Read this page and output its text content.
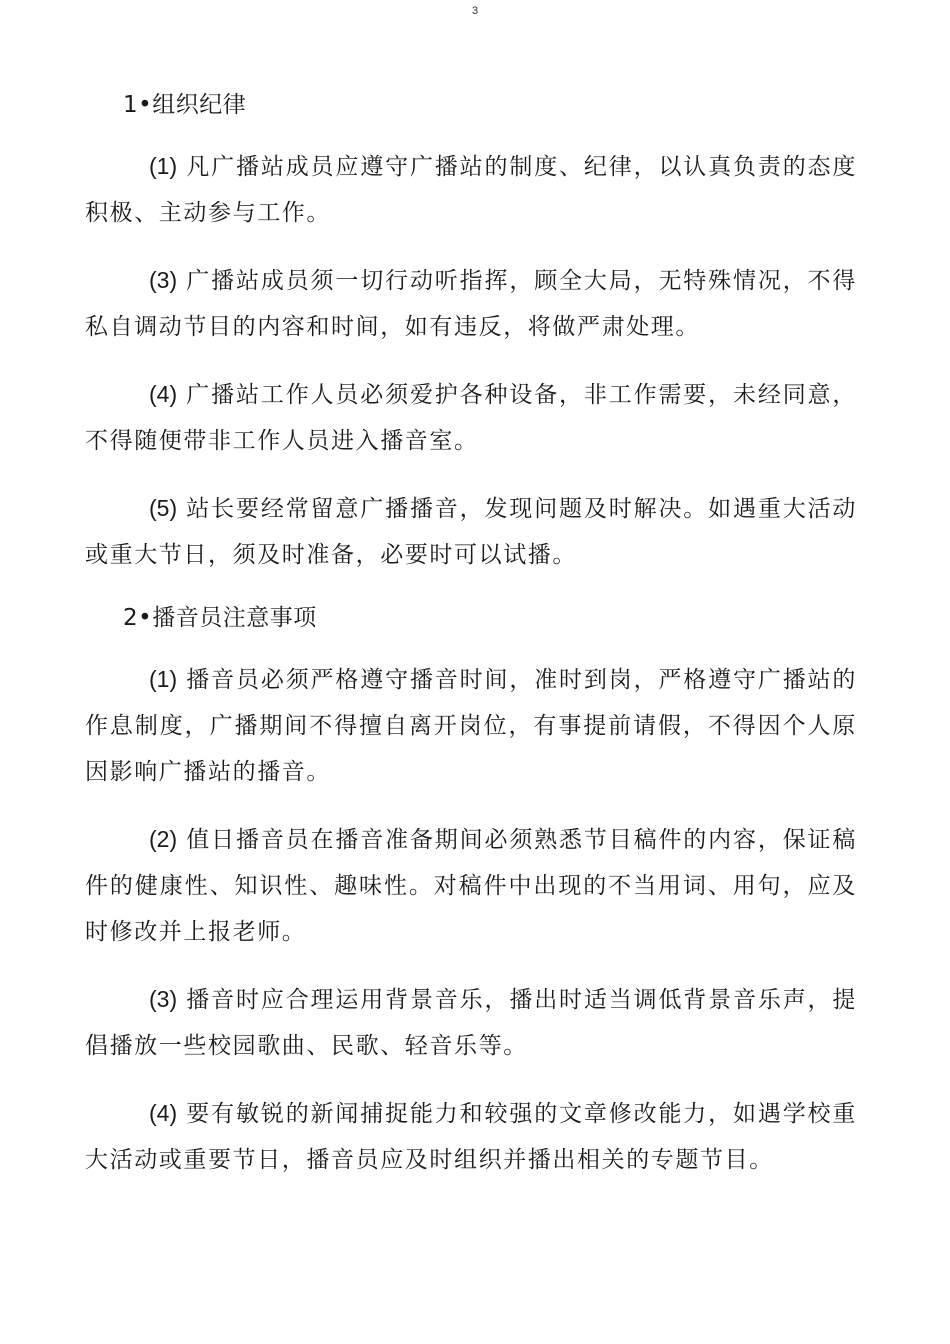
3
1•组织纪律

(1) 凡广播站成员应遵守广播站的制度、纪律，以认真负责的态度积极、主动参与工作。

(3) 广播站成员须一切行动听指挥，顾全大局，无特殊情况，不得私自调动节目的内容和时间，如有违反，将做严肃处理。

(4) 广播站工作人员必须爱护各种设备，非工作需要，未经同意，不得随便带非工作人员进入播音室。

(5) 站长要经常留意广播播音，发现问题及时解决。如遇重大活动或重大节日，须及时准备，必要时可以试播。

2•播音员注意事项

(1) 播音员必须严格遵守播音时间，准时到岗，严格遵守广播站的作息制度，广播期间不得擅自离开岗位，有事提前请假，不得因个人原因影响广播站的播音。

(2) 值日播音员在播音准备期间必须熟悉节目稿件的内容，保证稿件的健康性、知识性、趣味性。对稿件中出现的不当用词、用句，应及时修改并上报老师。

(3) 播音时应合理运用背景音乐，播出时适当调低背景音乐声，提倡播放一些校园歌曲、民歌、轻音乐等。

(4) 要有敏锐的新闻捕捉能力和较强的文章修改能力，如遇学校重大活动或重要节日，播音员应及时组织并播出相关的专题节目。
